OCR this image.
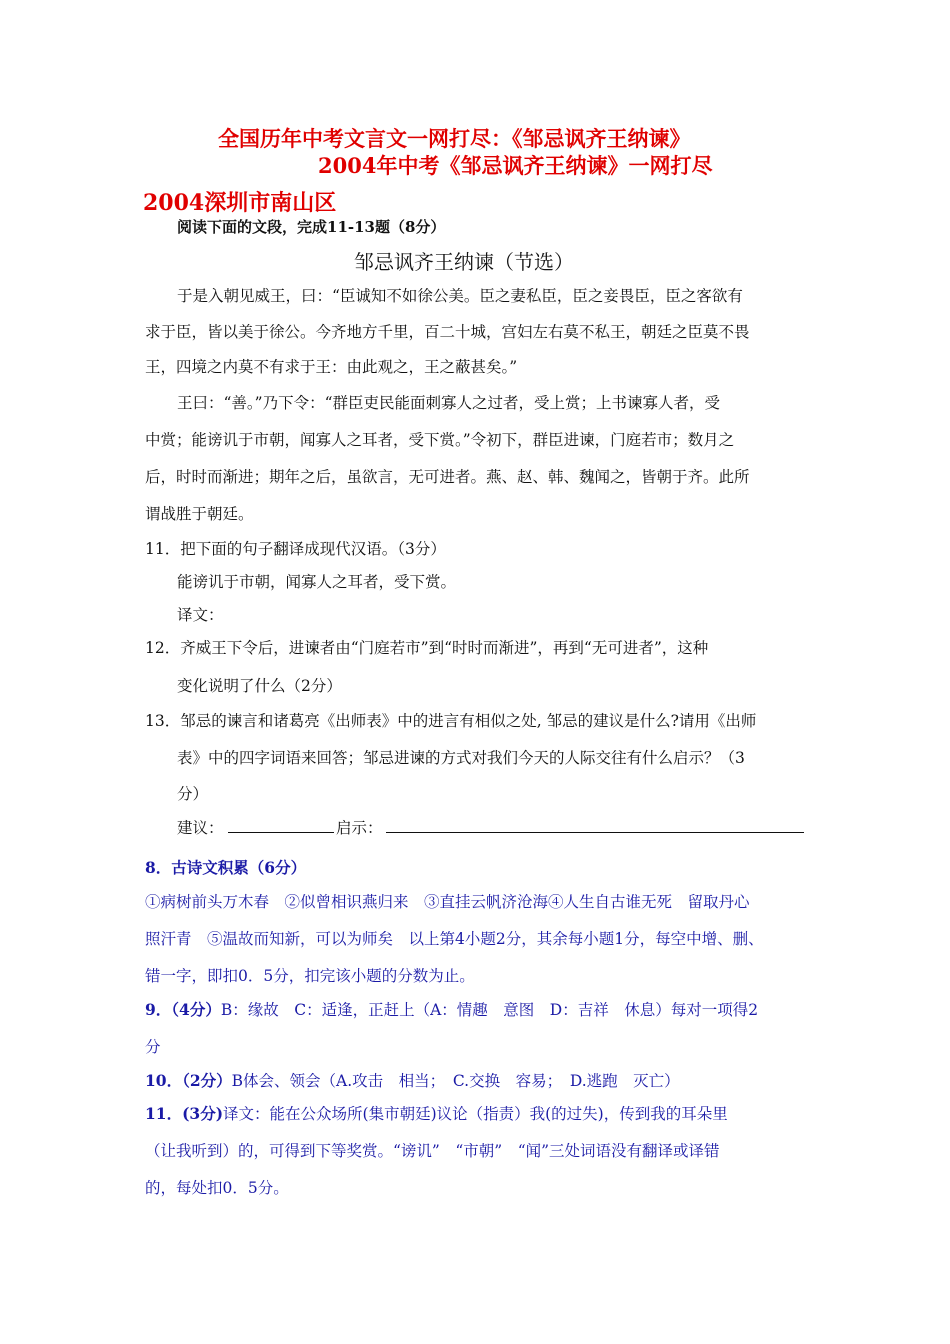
全国历年中考文言文一网打尽：《邹忌讽齐王纳谏》
2004年中考《邹忌讽齐王纳谏》一网打尽
2004深圳市南山区
阅读下面的文段，完成11-13题（8分）
邹忌讽齐王纳谏（节选）
于是入朝见威王，曰：“臣诚知不如徐公美。臣之妻私臣，臣之妾畏臣，臣之客欲有
求于臣，皆以美于徐公。今齐地方千里，百二十城，宫妇左右莫不私王，朝廷之臣莫不畏
王，四境之内莫不有求于王：由此观之，王之蔽甚矣。”
王曰：“善。”乃下令：“群臣吏民能面刺寡人之过者，受上赏；上书谏寡人者，受
中赏；能谤讥于市朝，闻寡人之耳者，受下赏。”令初下，群臣进谏，门庭若市；数月之
后，时时而渐进；期年之后，虽欲言，无可进者。燕、赵、韩、魏闻之，皆朝于齐。此所
谓战胜于朝廷。
11．把下面的句子翻译成现代汉语。（3分）
能谤讥于市朝，闻寡人之耳者，受下赏。
译文：
12．齐威王下令后，进谏者由“门庭若市”到“时时而渐进”，再到“无可进者”，这种
变化说明了什么（2分）
13．邹忌的谏言和诸葛亮《出师表》中的进言有相似之处, 邹忌的建议是什么?请用《出师
表》中的四字词语来回答；邹忌进谏的方式对我们今天的人际交往有什么启示？（3
分）
建议：	启示：
8．古诗文积累（6分）
①病树前头万木春　②似曾相识燕归来　③直挂云帆济沧海④人生自古谁无死　留取丹心
照汗青　⑤温故而知新，可以为师矣　以上第4小题2分，其余每小题1分，每空中增、删、
错一字，即扣0．5分，扣完该小题的分数为止。
9．（4分）B：缘故　C：适逢，正赶上（A：情趣　意图　D：吉祥　休息）每对一项得2
分
10．（2分）B体会、领会（A.攻击　相当；　C.交换　容易；　D.逃跑　灭亡）
11．(3分)译文：能在公众场所(集市朝廷)议论（指责）我(的过失)，传到我的耳朵里
（让我听到）的，可得到下等奖赏。“谤讥”　“市朝”　“闻”三处词语没有翻译或译错
的，每处扣0．5分。
